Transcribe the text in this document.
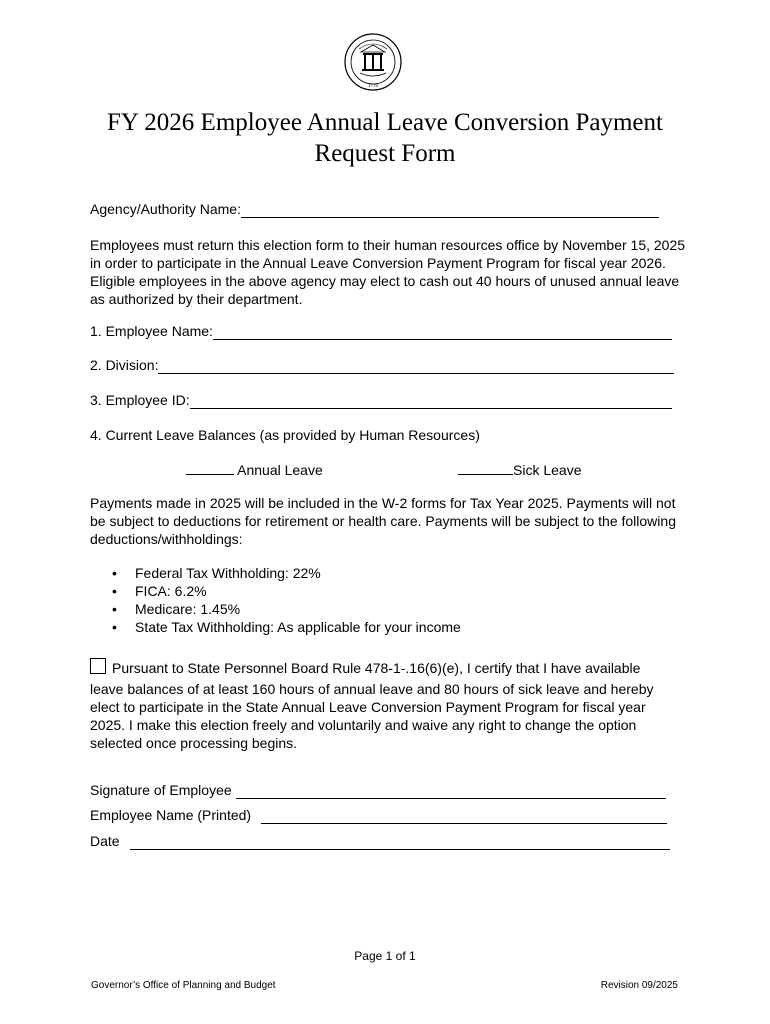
1776
FY 2026 Employee Annual Leave Conversion Payment
Request Form
Agency/Authority Name:
Employees must return this election form to their human resources office by November 15, 2025 in order to participate in the Annual Leave Conversion Payment Program for fiscal year 2026. Eligible employees in the above agency may elect to cash out 40 hours of unused annual leave as authorized by their department.
1. Employee Name:
2. Division:
3. Employee ID:
4. Current Leave Balances (as provided by Human Resources)
Annual Leave	Sick Leave
Payments made in 2025 will be included in the W-2 forms for Tax Year 2025. Payments will not be subject to deductions for retirement or health care. Payments will be subject to the following deductions/withholdings:
• Federal Tax Withholding: 22%
• FICA: 6.2%
• Medicare: 1.45%
• State Tax Withholding: As applicable for your income
Pursuant to State Personnel Board Rule 478-1-.16(6)(e), I certify that I have available
leave balances of at least 160 hours of annual leave and 80 hours of sick leave and hereby elect to participate in the State Annual Leave Conversion Payment Program for fiscal year 2025. I make this election freely and voluntarily and waive any right to change the option selected once processing begins.
Signature of Employee
Employee Name (Printed)
Date
Page 1 of 1
Governor’s Office of Planning and Budget	Revision 09/2025
